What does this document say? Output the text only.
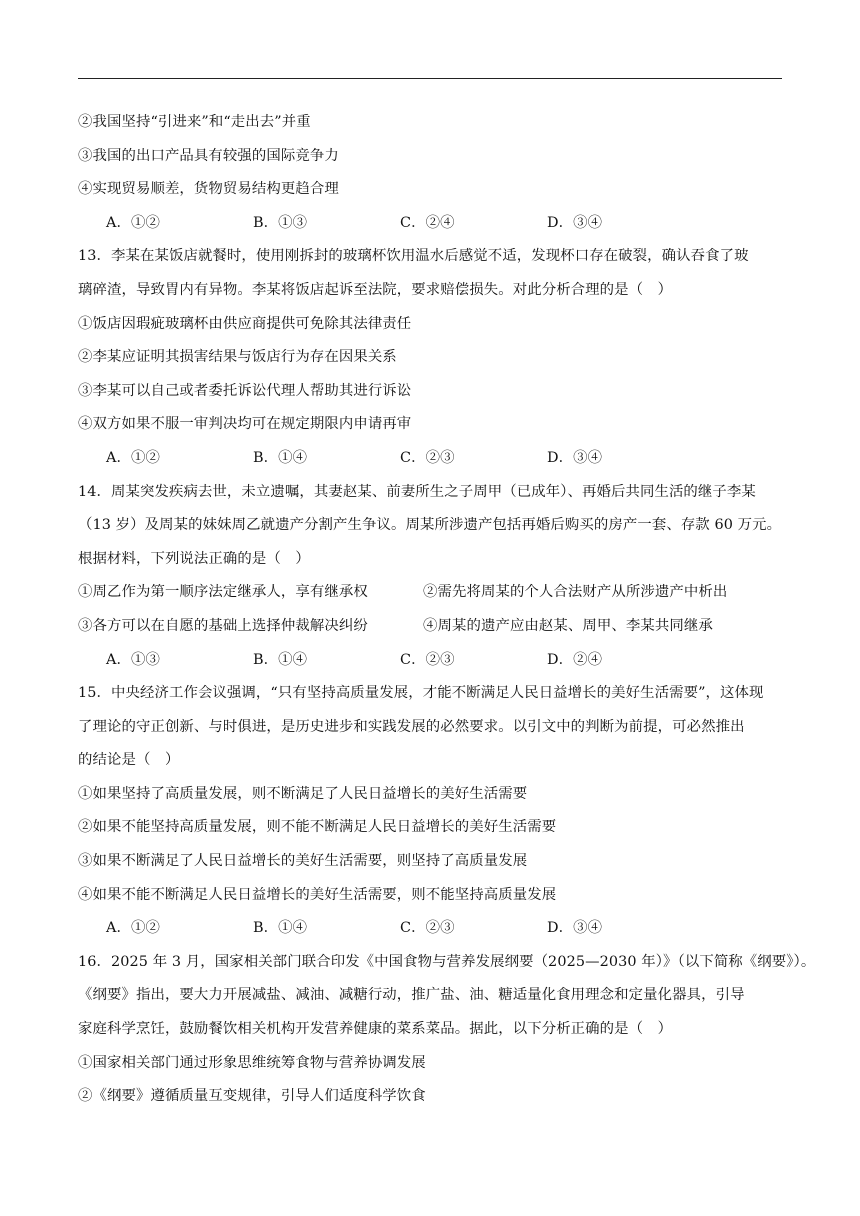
②我国坚持“引进来”和“走出去”并重
③我国的出口产品具有较强的国际竞争力
④实现贸易顺差，货物贸易结构更趋合理
A．①②	B．①③	C．②④	D．③④
13．李某在某饭店就餐时，使用刚拆封的玻璃杯饮用温水后感觉不适，发现杯口存在破裂，确认吞食了玻
璃碎渣，导致胃内有异物。李某将饭店起诉至法院，要求赔偿损失。对此分析合理的是（　）
①饭店因瑕疵玻璃杯由供应商提供可免除其法律责任
②李某应证明其损害结果与饭店行为存在因果关系
③李某可以自己或者委托诉讼代理人帮助其进行诉讼
④双方如果不服一审判决均可在规定期限内申请再审
A．①②	B．①④	C．②③	D．③④
14．周某突发疾病去世，未立遗嘱，其妻赵某、前妻所生之子周甲（已成年）、再婚后共同生活的继子李某
（13 岁）及周某的妹妹周乙就遗产分割产生争议。周某所涉遗产包括再婚后购买的房产一套、存款 60 万元。
根据材料，下列说法正确的是（　）
①周乙作为第一顺序法定继承人，享有继承权	②需先将周某的个人合法财产从所涉遗产中析出
③各方可以在自愿的基础上选择仲裁解决纠纷	④周某的遗产应由赵某、周甲、李某共同继承
A．①③	B．①④	C．②③	D．②④
15．中央经济工作会议强调，“只有坚持高质量发展，才能不断满足人民日益增长的美好生活需要”，这体现
了理论的守正创新、与时俱进，是历史进步和实践发展的必然要求。以引文中的判断为前提，可必然推出
的结论是（　）
①如果坚持了高质量发展，则不断满足了人民日益增长的美好生活需要
②如果不能坚持高质量发展，则不能不断满足人民日益增长的美好生活需要
③如果不断满足了人民日益增长的美好生活需要，则坚持了高质量发展
④如果不能不断满足人民日益增长的美好生活需要，则不能坚持高质量发展
A．①②	B．①④	C．②③	D．③④
16．2025 年 3 月，国家相关部门联合印发《中国食物与营养发展纲要（2025—2030 年）》（以下简称《纲要》）。
《纲要》指出，要大力开展减盐、减油、减糖行动，推广盐、油、糖适量化食用理念和定量化器具，引导
家庭科学烹饪，鼓励餐饮相关机构开发营养健康的菜系菜品。据此，以下分析正确的是（　）
①国家相关部门通过形象思维统筹食物与营养协调发展
②《纲要》遵循质量互变规律，引导人们适度科学饮食
